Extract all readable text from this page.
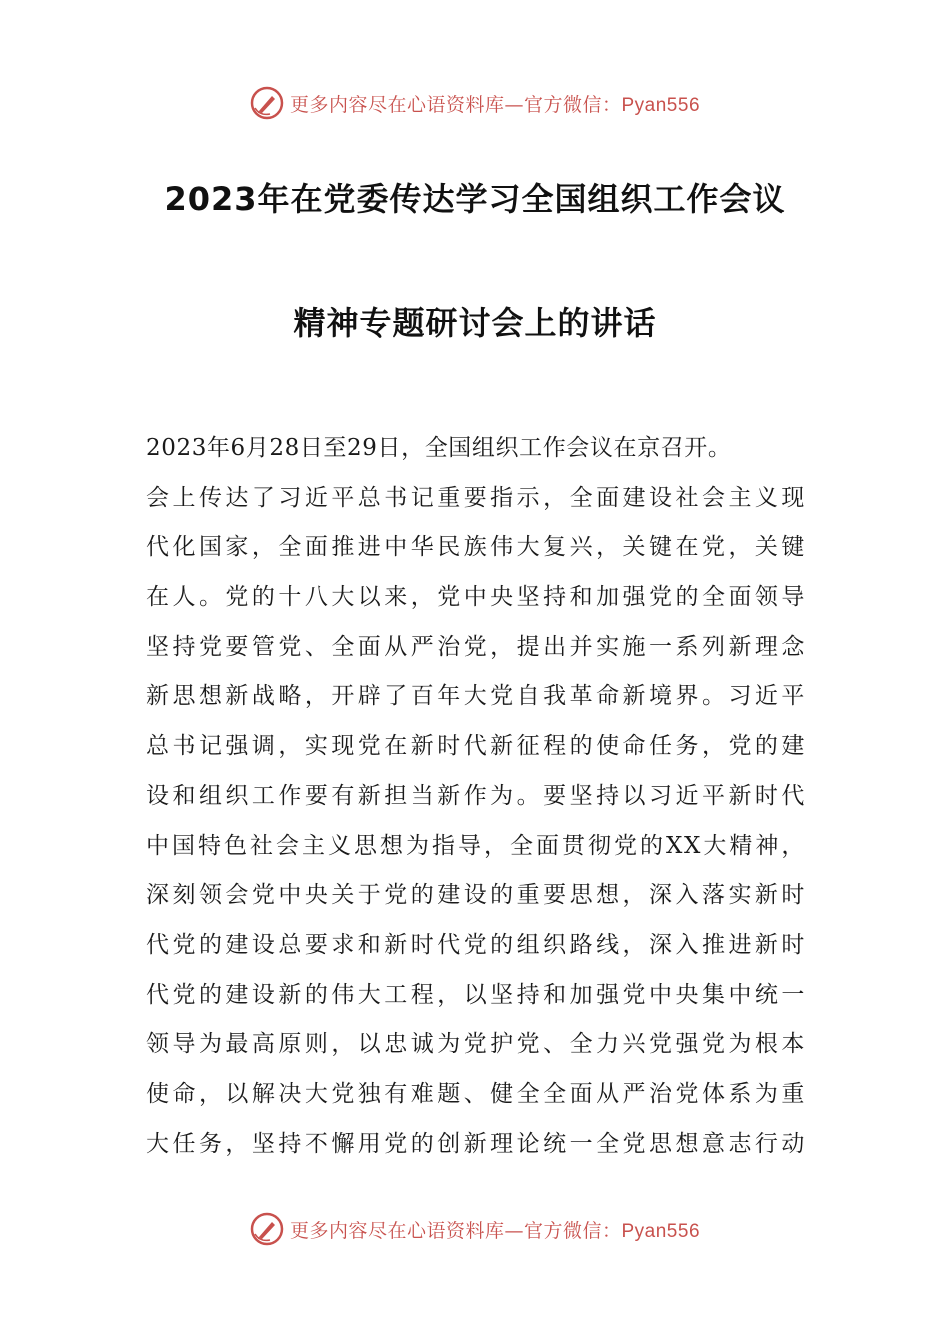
更多内容尽在心语资料库—官方微信：Pyan556
2023年在党委传达学习全国组织工作会议
精神专题研讨会上的讲话
2023年6月28日至29日，全国组织工作会议在京召开。
会上传达了习近平总书记重要指示，全面建设社会主义现
代化国家，全面推进中华民族伟大复兴，关键在党，关键
在人。党的十八大以来，党中央坚持和加强党的全面领导
坚持党要管党、全面从严治党，提出并实施一系列新理念
新思想新战略，开辟了百年大党自我革命新境界。习近平
总书记强调，实现党在新时代新征程的使命任务，党的建
设和组织工作要有新担当新作为。要坚持以习近平新时代
中国特色社会主义思想为指导，全面贯彻党的XX大精神，
深刻领会党中央关于党的建设的重要思想，深入落实新时
代党的建设总要求和新时代党的组织路线，深入推进新时
代党的建设新的伟大工程，以坚持和加强党中央集中统一
领导为最高原则，以忠诚为党护党、全力兴党强党为根本
使命，以解决大党独有难题、健全全面从严治党体系为重
大任务，坚持不懈用党的创新理论统一全党思想意志行动
更多内容尽在心语资料库—官方微信：Pyan556
